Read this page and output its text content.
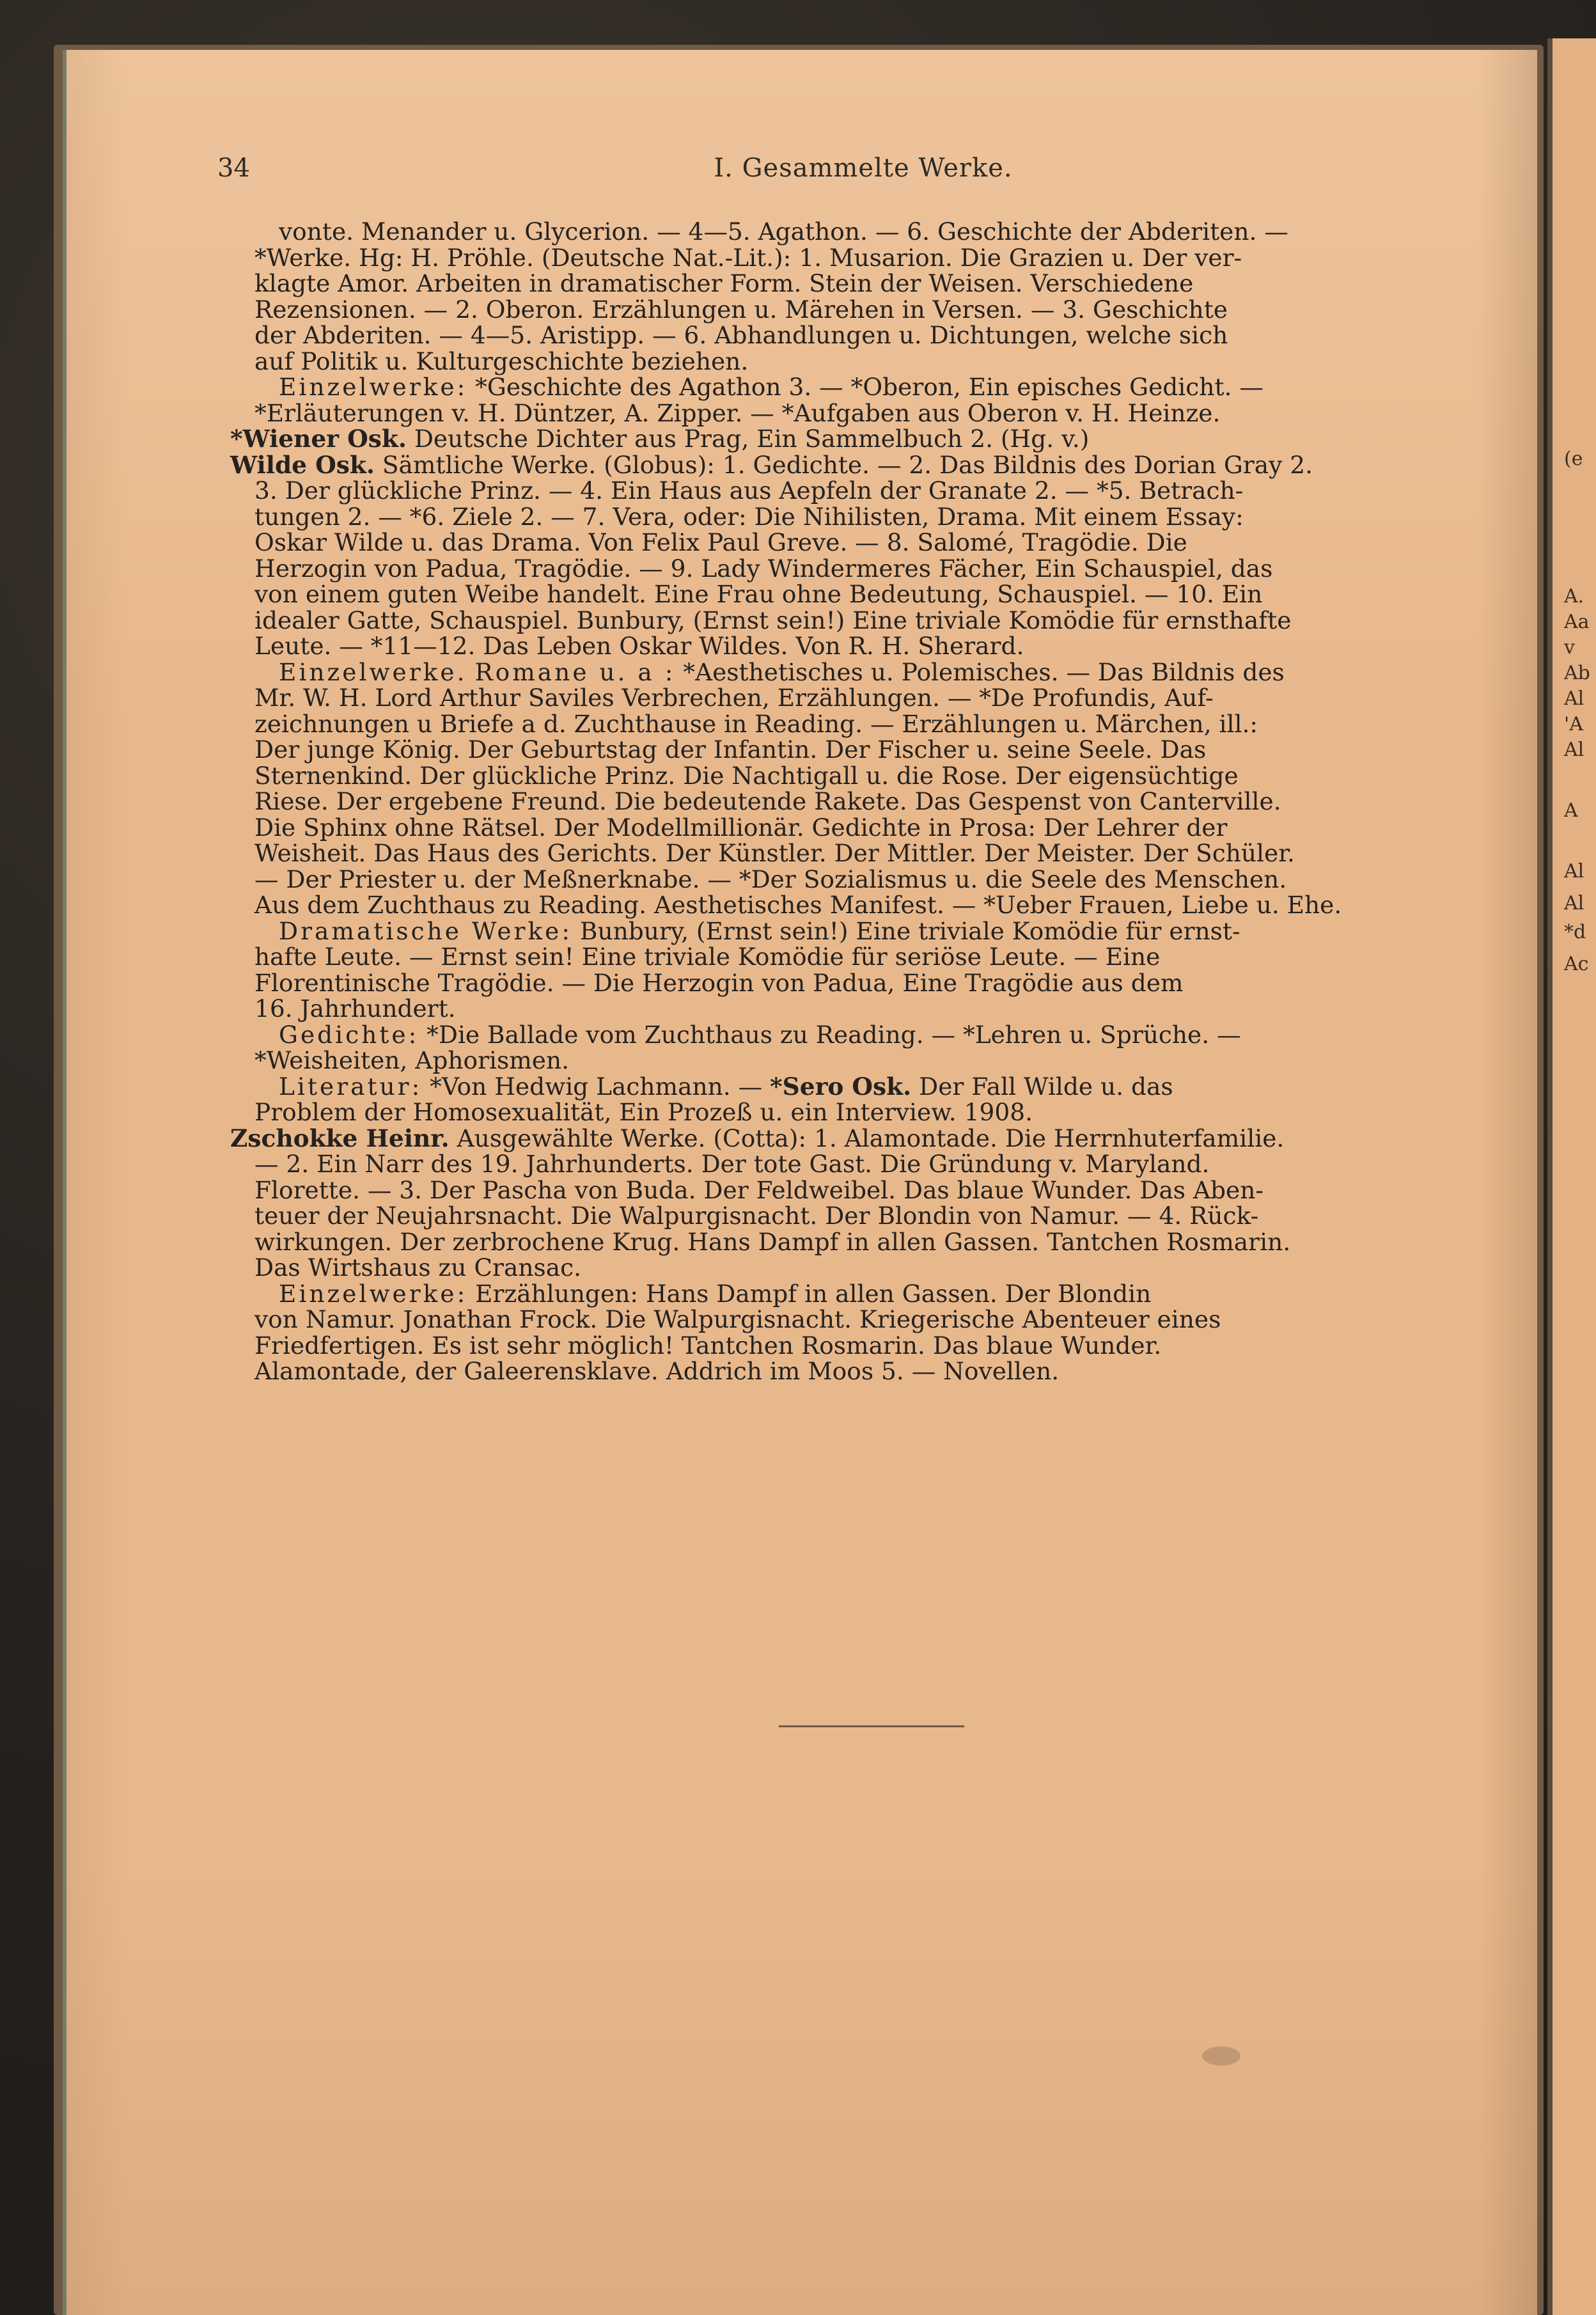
(e
A.
Aa
v
Ab
Al
'A
Al
A
Al
Al
*d
Ac
34	I. Gesammelte Werke.
vonte. Menander u. Glycerion. — 4—5. Agathon. — 6. Geschichte der Abderiten. —
*Werke. Hg: H. Pröhle. (Deutsche Nat.-Lit.): 1. Musarion. Die Grazien u. Der ver-
klagte Amor. Arbeiten in dramatischer Form. Stein der Weisen. Verschiedene
Rezensionen. — 2. Oberon. Erzählungen u. Märehen in Versen. — 3. Geschichte
der Abderiten. — 4—5. Aristipp. — 6. Abhandlungen u. Dichtungen, welche sich
auf Politik u. Kulturgeschichte beziehen.
Einzelwerke: *Geschichte des Agathon 3. — *Oberon, Ein episches Gedicht. —
*Erläuterungen v. H. Düntzer, A. Zipper. — *Aufgaben aus Oberon v. H. Heinze.
*Wiener Osk. Deutsche Dichter aus Prag, Ein Sammelbuch 2. (Hg. v.)
Wilde Osk. Sämtliche Werke. (Globus): 1. Gedichte. — 2. Das Bildnis des Dorian Gray 2.
3. Der glückliche Prinz. — 4. Ein Haus aus Aepfeln der Granate 2. — *5. Betrach-
tungen 2. — *6. Ziele 2. — 7. Vera, oder: Die Nihilisten, Drama. Mit einem Essay:
Oskar Wilde u. das Drama. Von Felix Paul Greve. — 8. Salomé, Tragödie. Die
Herzogin von Padua, Tragödie. — 9. Lady Windermeres Fächer, Ein Schauspiel, das
von einem guten Weibe handelt. Eine Frau ohne Bedeutung, Schauspiel. — 10. Ein
idealer Gatte, Schauspiel. Bunbury, (Ernst sein!) Eine triviale Komödie für ernsthafte
Leute. — *11—12. Das Leben Oskar Wildes. Von R. H. Sherard.
Einzelwerke. Romane u. a : *Aesthetisches u. Polemisches. — Das Bildnis des
Mr. W. H. Lord Arthur Saviles Verbrechen, Erzählungen. — *De Profundis, Auf-
zeichnungen u Briefe a d. Zuchthause in Reading. — Erzählungen u. Märchen, ill.:
Der junge König. Der Geburtstag der Infantin. Der Fischer u. seine Seele. Das
Sternenkind. Der glückliche Prinz. Die Nachtigall u. die Rose. Der eigensüchtige
Riese. Der ergebene Freund. Die bedeutende Rakete. Das Gespenst von Canterville.
Die Sphinx ohne Rätsel. Der Modellmillionär. Gedichte in Prosa: Der Lehrer der
Weisheit. Das Haus des Gerichts. Der Künstler. Der Mittler. Der Meister. Der Schüler.
— Der Priester u. der Meßnerknabe. — *Der Sozialismus u. die Seele des Menschen.
Aus dem Zuchthaus zu Reading. Aesthetisches Manifest. — *Ueber Frauen, Liebe u. Ehe.
Dramatische Werke: Bunbury, (Ernst sein!) Eine triviale Komödie für ernst-
hafte Leute. — Ernst sein! Eine triviale Komödie für seriöse Leute. — Eine
Florentinische Tragödie. — Die Herzogin von Padua, Eine Tragödie aus dem
16. Jahrhundert.
Gedichte: *Die Ballade vom Zuchthaus zu Reading. — *Lehren u. Sprüche. —
*Weisheiten, Aphorismen.
Literatur: *Von Hedwig Lachmann. — *Sero Osk. Der Fall Wilde u. das
Problem der Homosexualität, Ein Prozeß u. ein Interview. 1908.
Zschokke Heinr. Ausgewählte Werke. (Cotta): 1. Alamontade. Die Herrnhuterfamilie.
— 2. Ein Narr des 19. Jahrhunderts. Der tote Gast. Die Gründung v. Maryland.
Florette. — 3. Der Pascha von Buda. Der Feldweibel. Das blaue Wunder. Das Aben-
teuer der Neujahrsnacht. Die Walpurgisnacht. Der Blondin von Namur. — 4. Rück-
wirkungen. Der zerbrochene Krug. Hans Dampf in allen Gassen. Tantchen Rosmarin.
Das Wirtshaus zu Cransac.
Einzelwerke: Erzählungen: Hans Dampf in allen Gassen. Der Blondin
von Namur. Jonathan Frock. Die Walpurgisnacht. Kriegerische Abenteuer eines
Friedfertigen. Es ist sehr möglich! Tantchen Rosmarin. Das blaue Wunder.
Alamontade, der Galeerensklave. Addrich im Moos 5. — Novellen.
